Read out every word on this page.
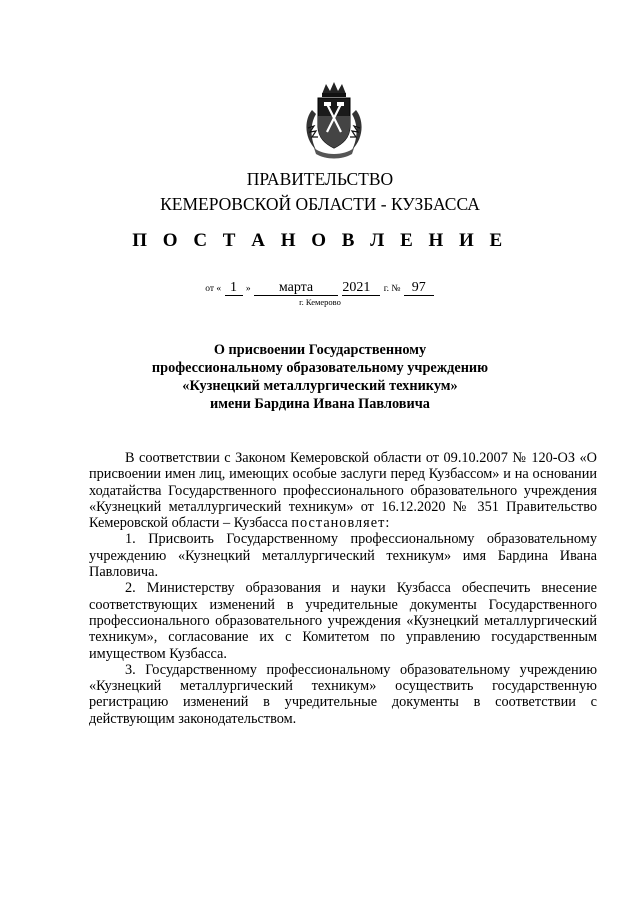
ПРАВИТЕЛЬСТВО
КЕМЕРОВСКОЙ ОБЛАСТИ - КУЗБАССА
П О С Т А Н О В Л Е Н И Е
от « 1 » марта 2021 г. № 97
г. Кемерово
О присвоении Государственному
профессиональному образовательному учреждению
«Кузнецкий металлургический техникум»
имени Бардина Ивана Павловича

В соответствии с Законом Кемеровской области от 09.10.2007 № 120-ОЗ «О присвоении имен лиц, имеющих особые заслуги перед Кузбассом» и на основании ходатайства Государственного профессионального образовательного учреждения «Кузнецкий металлургический техникум» от 16.12.2020 № 351 Правительство Кемеровской области – Кузбасса постановляет:

1. Присвоить Государственному профессиональному образовательному учреждению «Кузнецкий металлургический техникум» имя Бардина Ивана Павловича.

2. Министерству образования и науки Кузбасса обеспечить внесение соответствующих изменений в учредительные документы Государственного профессионального образовательного учреждения «Кузнецкий металлургический техникум», согласование их с Комитетом по управлению государственным имуществом Кузбасса.

3. Государственному профессиональному образовательному учреждению «Кузнецкий металлургический техникум» осуществить государственную регистрацию изменений в учредительные документы в соответствии с действующим законодательством.
